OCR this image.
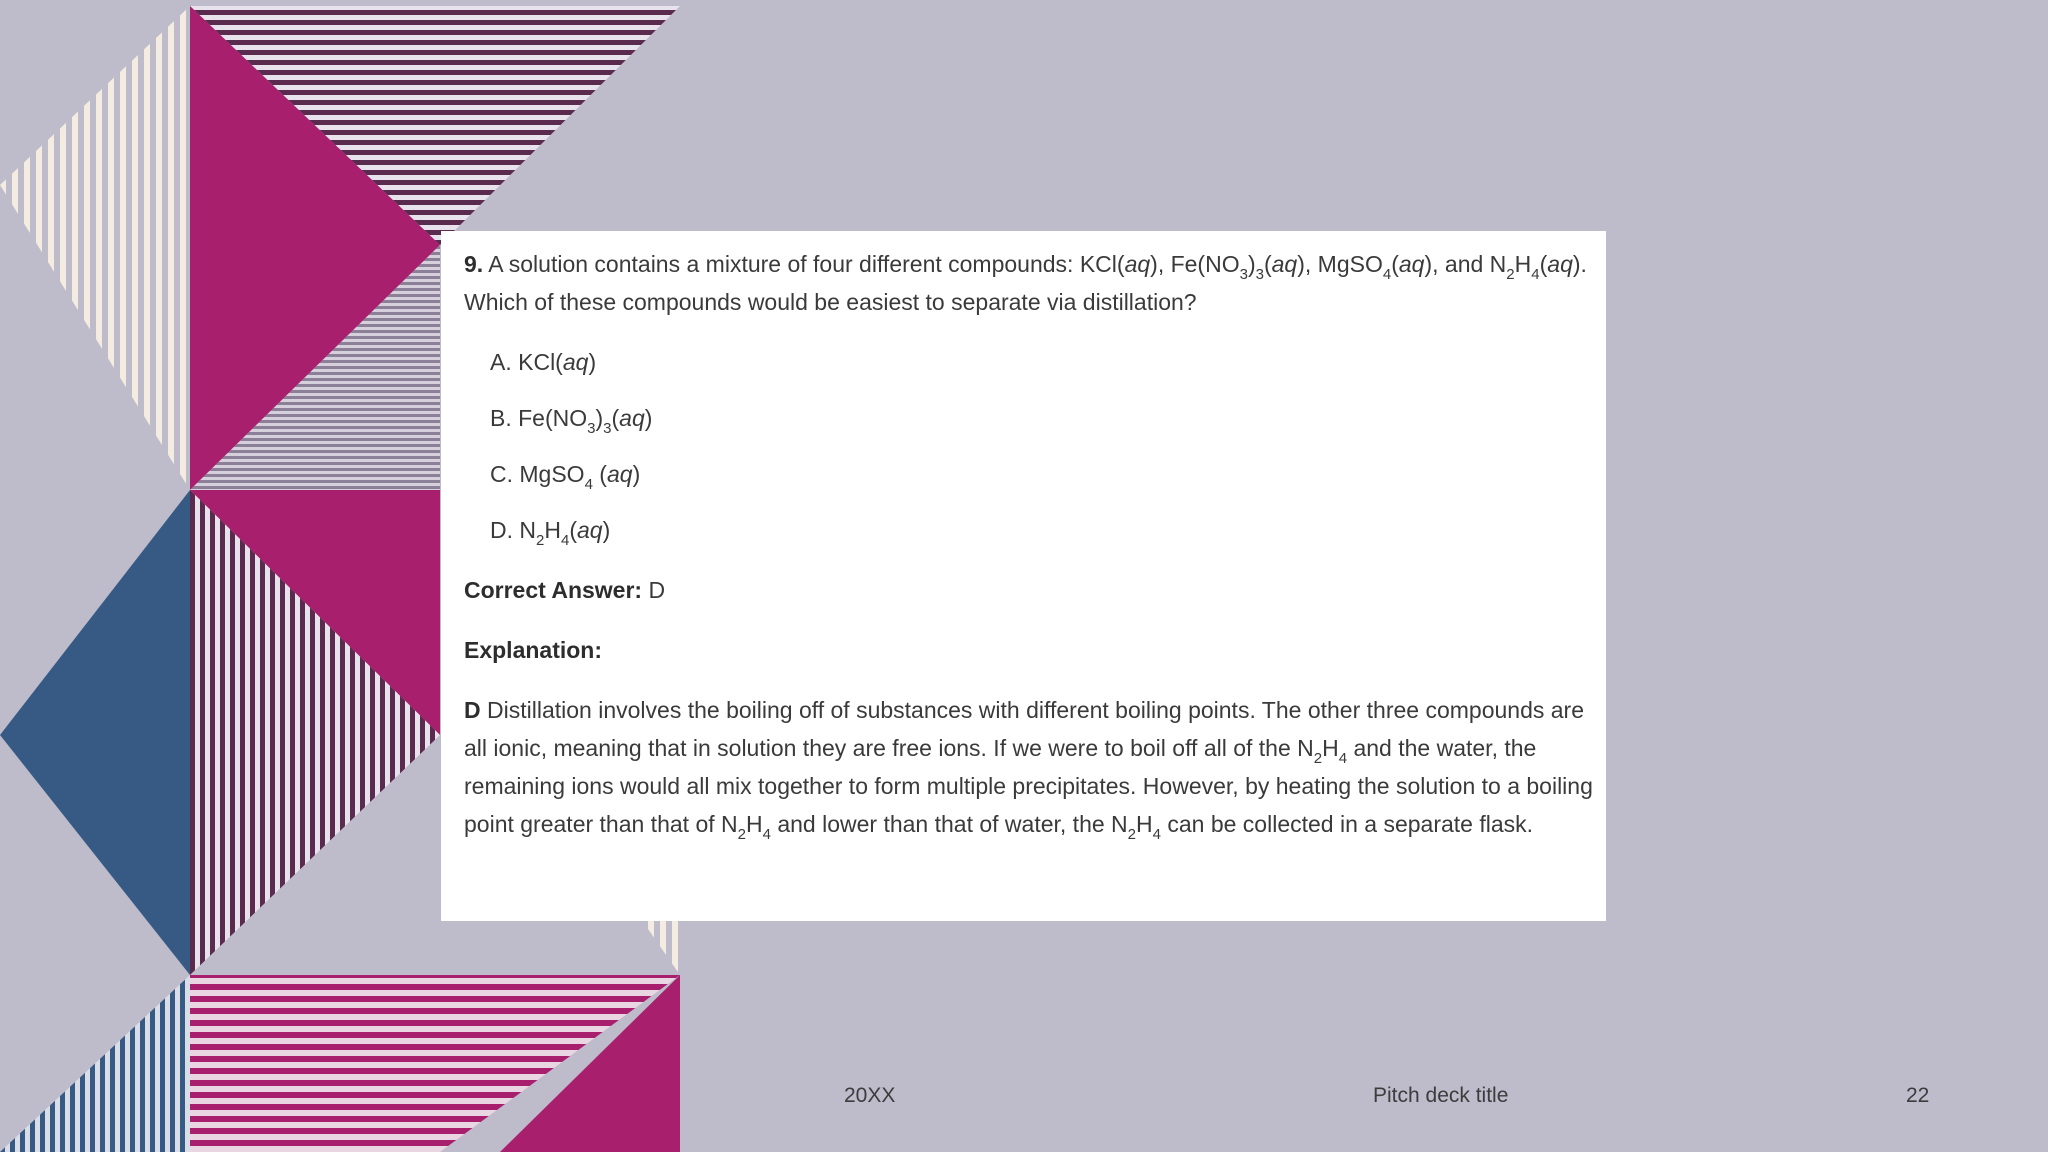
9. A solution contains a mixture of four different compounds: KCl(aq), $Fe(NO_3)_3(aq)$, MgSO$_4$(aq), and $N_2H_4(aq)$. Which of these compounds would be easiest to separate via distillation?

A. KCl(aq)

B. $Fe(NO_3)_3(aq)$

C. MgSO$_4$ (aq)

D. $N_2H_4(aq)$

Correct Answer: D

Explanation:

D Distillation involves the boiling off of substances with different boiling points. The other three compounds are all ionic, meaning that in solution they are free ions. If we were to boil off all of the $N_2H_4$ and the water, the remaining ions would all mix together to form multiple precipitates. However, by heating the solution to a boiling point greater than that of $N_2H_4$ and lower than that of water, the $N_2H_4$ can be collected in a separate flask.

20XX	Pitch deck title	22
